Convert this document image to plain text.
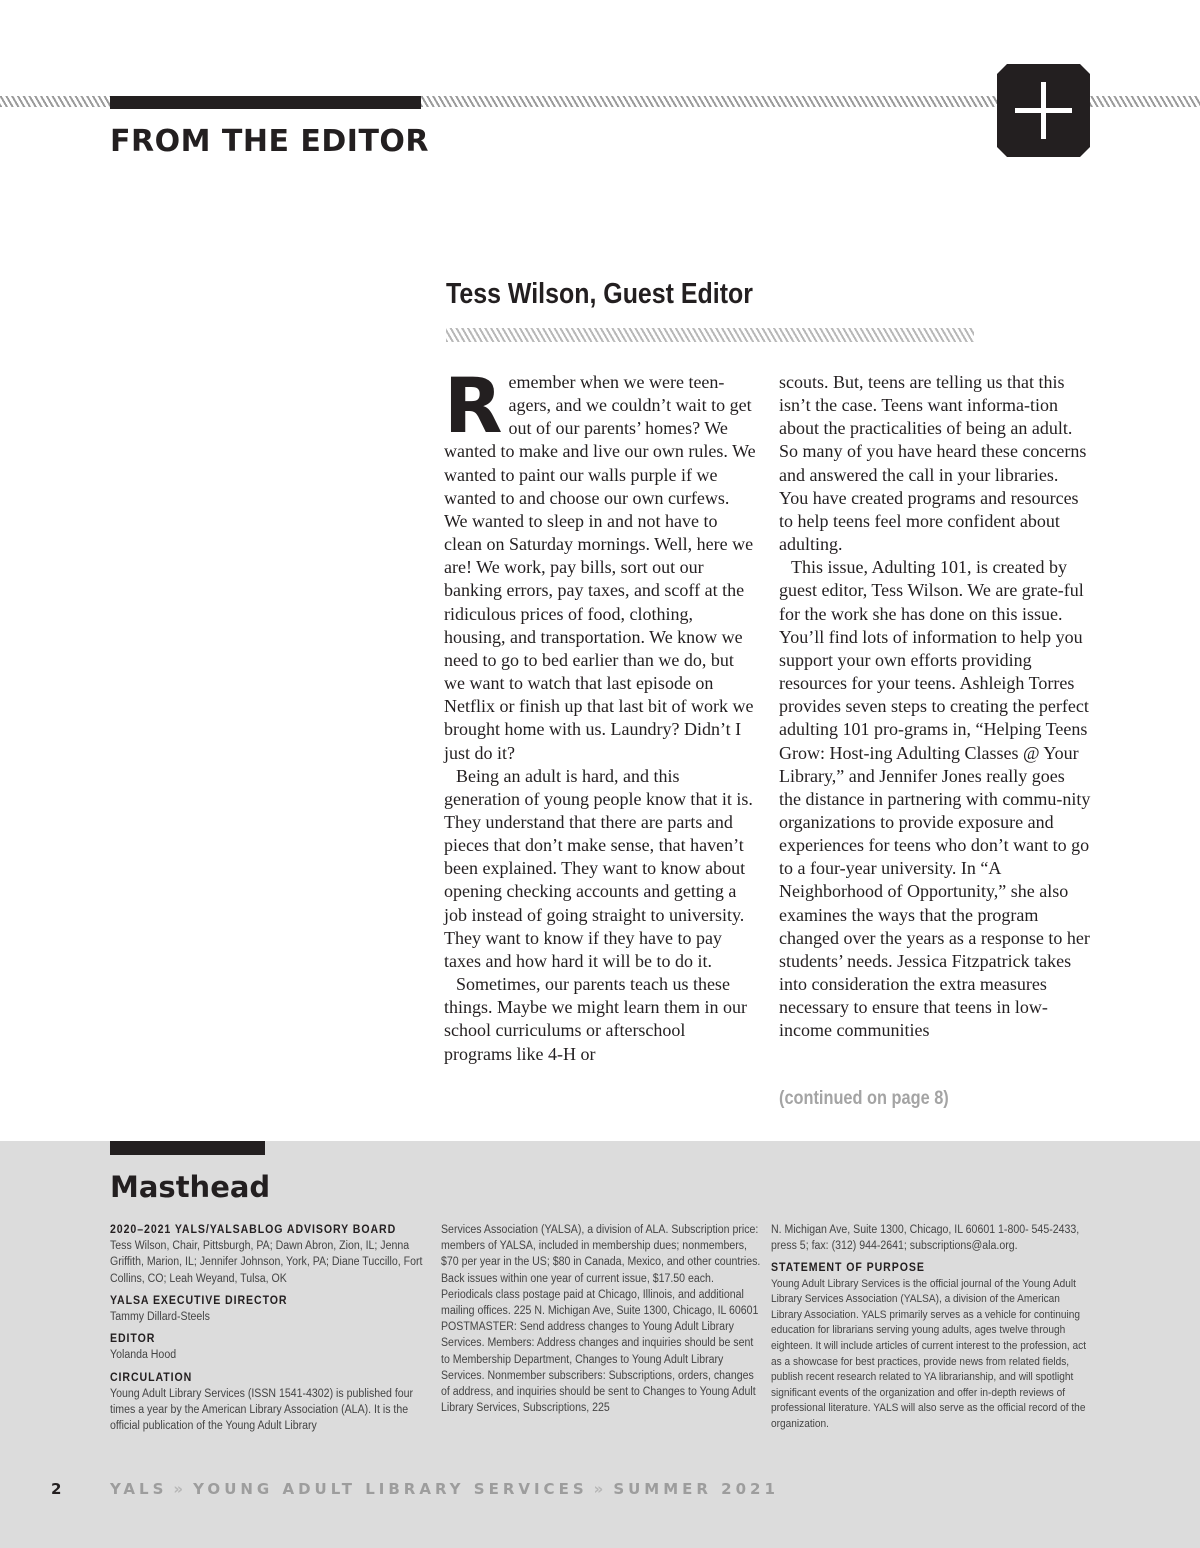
FROM THE EDITOR
Tess Wilson, Guest Editor
R emember when we were teen-agers, and we couldn’t wait to get out of our parents’ homes? We wanted to make and live our own rules. We wanted to paint our walls purple if we wanted to and choose our own curfews. We wanted to sleep in and not have to clean on Saturday mornings. Well, here we are! We work, pay bills, sort out our banking errors, pay taxes, and scoff at the ridiculous prices of food, clothing, housing, and transportation. We know we need to go to bed earlier than we do, but we want to watch that last episode on Netflix or finish up that last bit of work we brought home with us. Laundry? Didn’t I just do it?

Being an adult is hard, and this generation of young people know that it is. They understand that there are parts and pieces that don’t make sense, that haven’t been explained. They want to know about opening checking accounts and getting a job instead of going straight to university. They want to know if they have to pay taxes and how hard it will be to do it.

Sometimes, our parents teach us these things. Maybe we might learn them in our school curriculums or afterschool programs like 4-H or

scouts. But, teens are telling us that this isn’t the case. Teens want informa-tion about the practicalities of being an adult. So many of you have heard these concerns and answered the call in your libraries. You have created programs and resources to help teens feel more confident about adulting.

This issue, Adulting 101, is created by guest editor, Tess Wilson. We are grate-ful for the work she has done on this issue. You’ll find lots of information to help you support your own efforts providing resources for your teens. Ashleigh Torres provides seven steps to creating the perfect adulting 101 pro-grams in, “Helping Teens Grow: Host-ing Adulting Classes @ Your Library,” and Jennifer Jones really goes the distance in partnering with commu-nity organizations to provide exposure and experiences for teens who don’t want to go to a four-year university. In “A Neighborhood of Opportunity,” she also examines the ways that the program changed over the years as a response to her students’ needs. Jessica Fitzpatrick takes into consideration the extra measures necessary to ensure that teens in low-income communities

(continued on page 8)
Masthead
2020–2021 YALS/YALSABLOG ADVISORY BOARD

Tess Wilson, Chair, Pittsburgh, PA; Dawn Abron, Zion, IL; Jenna Griffith, Marion, IL; Jennifer Johnson, York, PA; Diane Tuccillo, Fort Collins, CO; Leah Weyand, Tulsa, OK

YALSA EXECUTIVE DIRECTOR

Tammy Dillard-Steels

EDITOR

Yolanda Hood

CIRCULATION

Young Adult Library Services (ISSN 1541-4302) is published four times a year by the American Library Association (ALA). It is the official publication of the Young Adult Library

Services Association (YALSA), a division of ALA. Subscription price: members of YALSA, included in membership dues; nonmembers, $70 per year in the US; $80 in Canada, Mexico, and other countries. Back issues within one year of current issue, $17.50 each. Periodicals class postage paid at Chicago, Illinois, and additional mailing offices. 225 N. Michigan Ave, Suite 1300, Chicago, IL 60601 POSTMASTER: Send address changes to Young Adult Library Services. Members: Address changes and inquiries should be sent to Membership Department, Changes to Young Adult Library Services. Nonmember subscribers: Subscriptions, orders, changes of address, and inquiries should be sent to Changes to Young Adult Library Services, Subscriptions, 225

N. Michigan Ave, Suite 1300, Chicago, IL 60601 1-800- 545-2433, press 5; fax: (312) 944-2641; subscriptions@ala.org.

STATEMENT OF PURPOSE

Young Adult Library Services is the official journal of the Young Adult Library Services Association (YALSA), a division of the American Library Association. YALS primarily serves as a vehicle for continuing education for librarians serving young adults, ages twelve through eighteen. It will include articles of current interest to the profession, act as a showcase for best practices, provide news from related fields, publish recent research related to YA librarianship, and will spotlight significant events of the organization and offer in-depth reviews of professional literature. YALS will also serve as the official record of the organization.

2	YALS » YOUNG ADULT LIBRARY SERVICES » SUMMER 2021
